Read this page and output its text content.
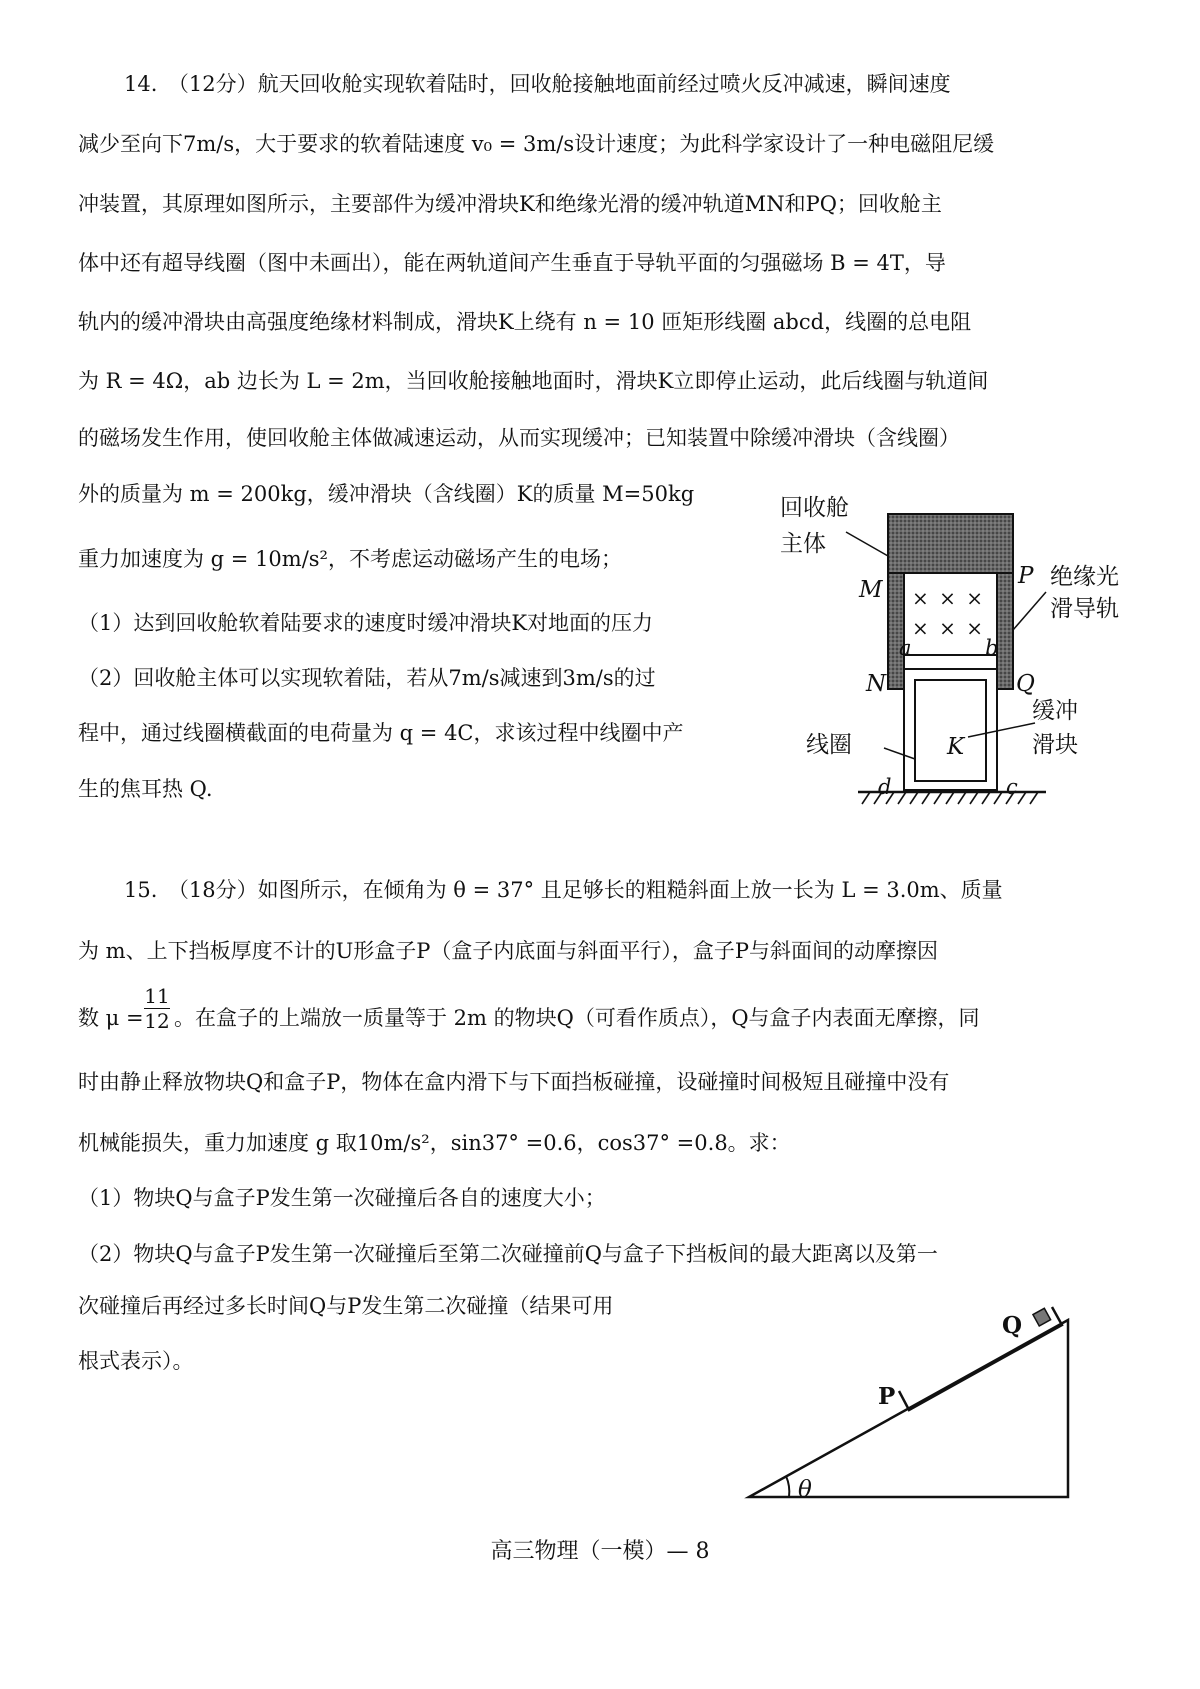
14.　（12分）航天回收舱实现软着陆时，回收舱接触地面前经过喷火反冲减速，瞬间速度
减少至向下7m/s，大于要求的软着陆速度 v₀ = 3m/s设计速度；为此科学家设计了一种电磁阻尼缓
冲装置，其原理如图所示，主要部件为缓冲滑块K和绝缘光滑的缓冲轨道MN和PQ；回收舱主
体中还有超导线圈（图中未画出），能在两轨道间产生垂直于导轨平面的匀强磁场 B = 4T，导
轨内的缓冲滑块由高强度绝缘材料制成，滑块K上绕有 n = 10 匝矩形线圈 abcd，线圈的总电阻
为 R = 4Ω，ab 边长为 L = 2m，当回收舱接触地面时，滑块K立即停止运动，此后线圈与轨道间
的磁场发生作用，使回收舱主体做减速运动，从而实现缓冲；已知装置中除缓冲滑块（含线圈）
外的质量为 m = 200kg，缓冲滑块（含线圈）K的质量 M=50kg
重力加速度为 g = 10m/s²，不考虑运动磁场产生的电场；
（1）达到回收舱软着陆要求的速度时缓冲滑块K对地面的压力
（2）回收舱主体可以实现软着陆，若从7m/s减速到3m/s的过
程中，通过线圈横截面的电荷量为 q = 4C，求该过程中线圈中产
生的焦耳热 Q.
回收舱
主体
M
P 绝缘光
滑导轨
× × ×
× × ×
a	b
N	Q
缓冲
滑块
线圈	K
d	c
15.　（18分）如图所示，在倾角为 θ = 37° 且足够长的粗糙斜面上放一长为 L = 3.0m、质量
为 m、上下挡板厚度不计的U形盒子P（盒子内底面与斜面平行），盒子P与斜面间的动摩擦因
数 $\mu = \frac{11}{12}$ 。在盒子的上端放一质量等于 2m 的物块Q（可看作质点），Q与盒子内表面无摩擦，同
时由静止释放物块Q和盒子P，物体在盒内滑下与下面挡板碰撞，设碰撞时间极短且碰撞中没有
机械能损失，重力加速度 g 取10m/s²，sin37° =0.6，cos37° =0.8。求：
（1）物块Q与盒子P发生第一次碰撞后各自的速度大小；
（2）物块Q与盒子P发生第一次碰撞后至第二次碰撞前Q与盒子下挡板间的最大距离以及第一
次碰撞后再经过多长时间Q与P发生第二次碰撞（结果可用
根式表示）。
Q
P
θ
高三物理（一模）— 8
